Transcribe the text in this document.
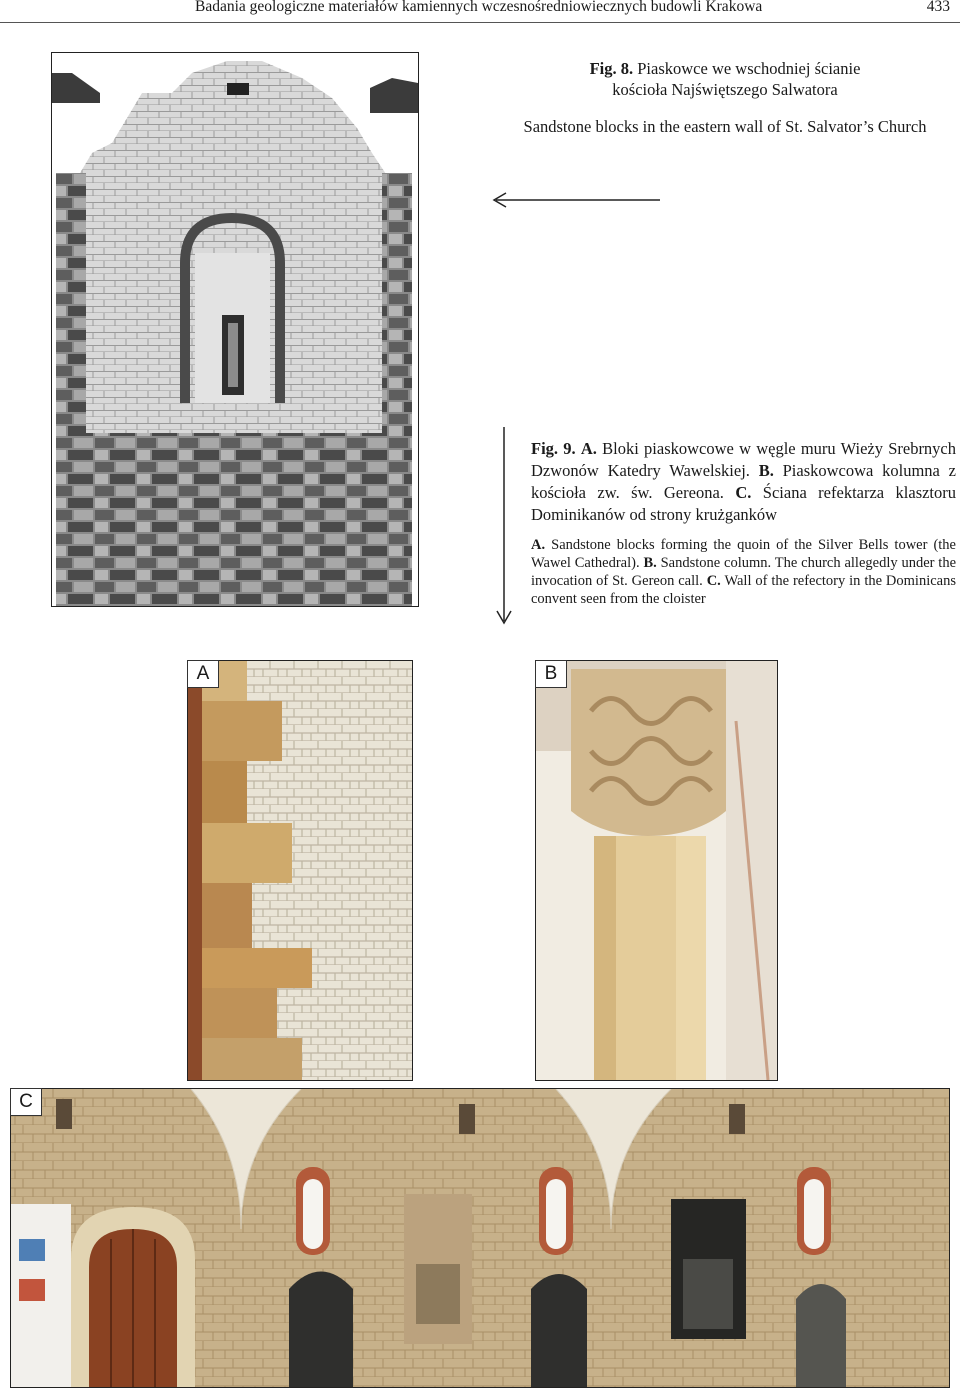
Badania geologiczne materiałów kamiennych wczesnośredniowiecznych budowli Krakowa	433
Fig. 8. Piaskowce we wschodniej ścianie
kościoła Najświętszego Salwatora
Sandstone blocks in the eastern wall of St. Salvator’s Church
Fig. 9. A. Bloki piaskowcowe w węgle muru Wieży Srebrnych Dzwonów Katedry Wawelskiej. B. Piaskowcowa kolumna z kościoła zw. św. Gereona. C. Ściana refektarza klasztoru Dominikanów od strony krużganków
A. Sandstone blocks forming the quoin of the Silver Bells tower (the Wawel Cathedral). B. Sandstone column. The church allegedly under the invocation of St. Gereon call. C. Wall of the refectory in the Dominicans convent seen from the cloister
A	B
C
